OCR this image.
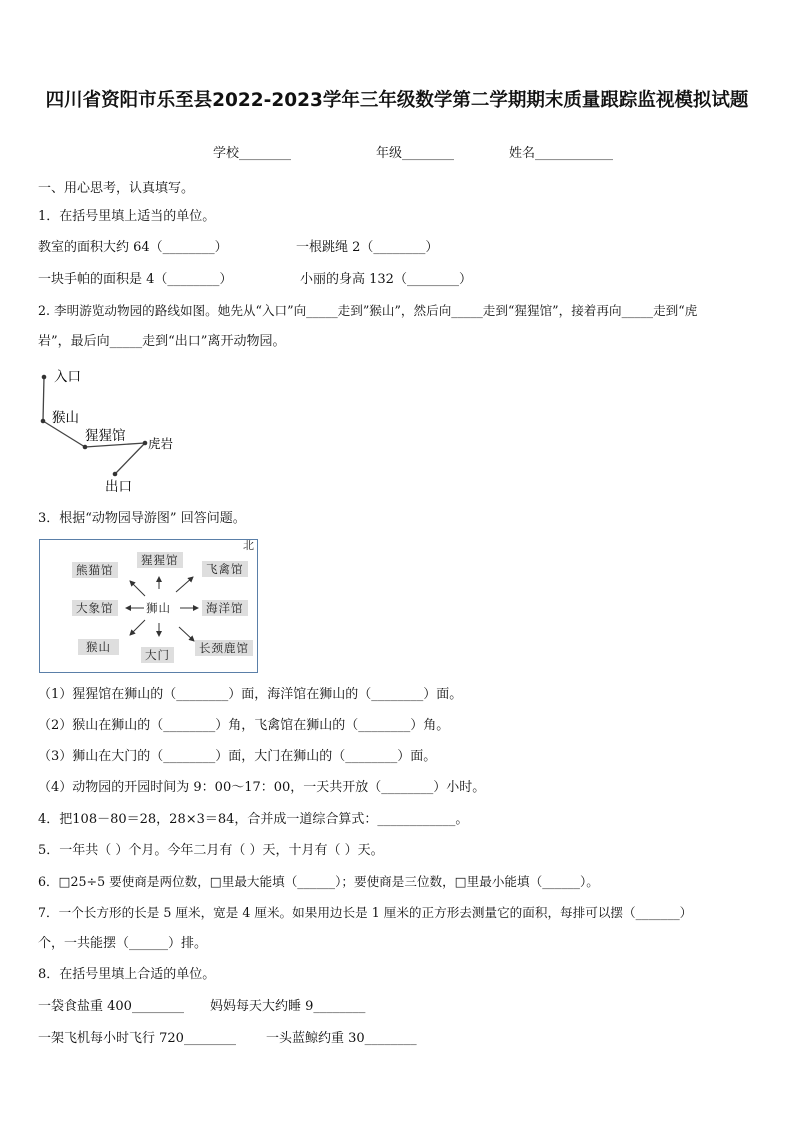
四川省资阳市乐至县2022-2023学年三年级数学第二学期期末质量跟踪监视模拟试题
学校________	年级________	姓名____________
一、用心思考，认真填写。
1．在括号里填上适当的单位。
教室的面积大约 64（________）	一根跳绳 2（________）
一块手帕的面积是 4（________）	小丽的身高 132（________）
2. 李明游览动物园的路线如图。她先从“入口”向_____走到”猴山”，然后向_____走到“猩猩馆”，接着再向_____走到“虎
岩”，最后向_____走到“出口”离开动物园。
入口
猴山
猩猩馆 虎岩
出口
3．根据“动物园导游图” 回答问题。
北
熊猫馆
猩猩馆
飞禽馆
大象馆	狮山	海洋馆
猴山
大门	长颈鹿馆
（1）猩猩馆在狮山的（________）面，海洋馆在狮山的（________）面。
（2）猴山在狮山的（________）角，飞禽馆在狮山的（________）角。
（3）狮山在大门的（________）面，大门在狮山的（________）面。
（4）动物园的开园时间为 9：00～17：00，一天共开放（________）小时。
4．把108－80＝28，28×3＝84，合并成一道综合算式：____________。
5．一年共（ ）个月。今年二月有（ ）天，十月有（ ）天。
6．□25÷5 要使商是两位数，□里最大能填（______）；要使商是三位数，□里最小能填（______）。
7．一个长方形的长是 5 厘米，宽是 4 厘米。如果用边长是 1 厘米的正方形去测量它的面积，每排可以摆（_______）
个，一共能摆（______）排。
8．在括号里填上合适的单位。
一袋食盐重 400________ 妈妈每天大约睡 9________
一架飞机每小时飞行 720________ 一头蓝鲸约重 30________
